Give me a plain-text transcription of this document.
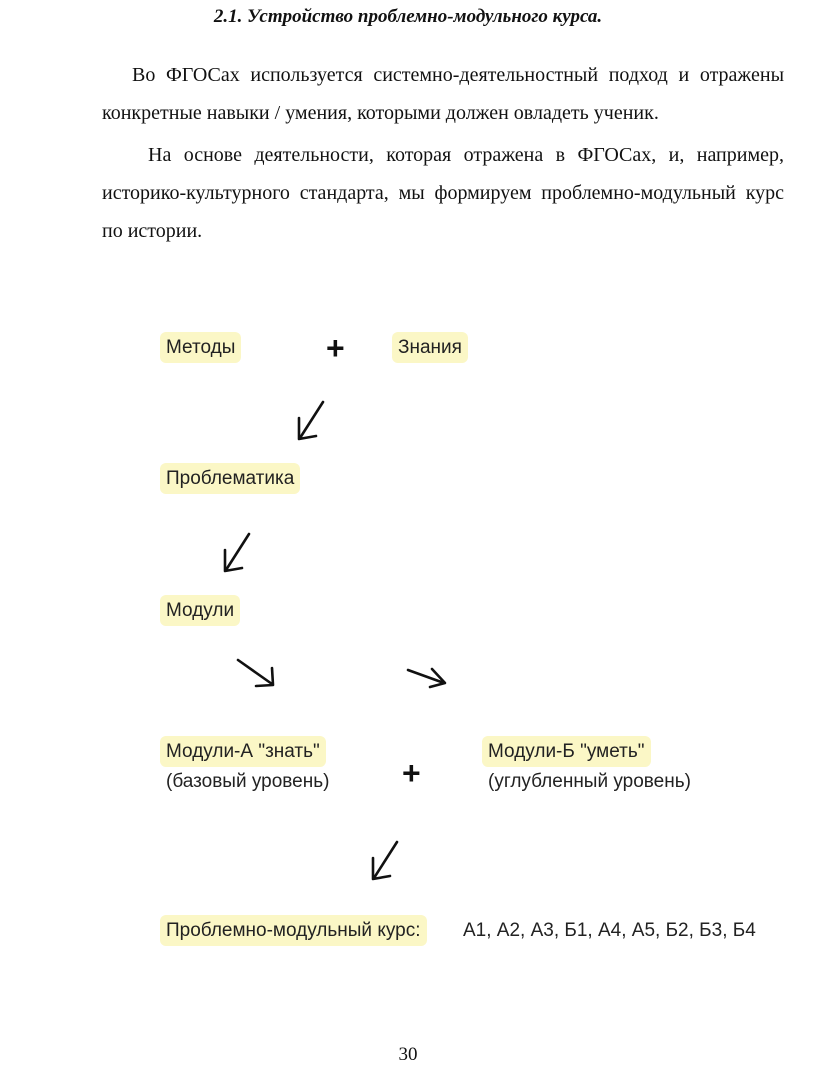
2.1. Устройство проблемно-модульного курса.

Во ФГОСах используется системно-деятельностный подход и отражены конкретные навыки / умения, которыми должен овладеть ученик.

На основе деятельности, которая отражена в ФГОСах, и, например, историко-культурного стандарта, мы формируем проблемно-модульный курс по истории.

Методы	+	Знания
Проблематика
Модули
Модули-А "знать"
(базовый уровень) +
Модули-Б "уметь"
(углубленный уровень)
Проблемно-модульный курс:	А1, А2, А3, Б1, А4, А5, Б2, Б3, Б4
30
